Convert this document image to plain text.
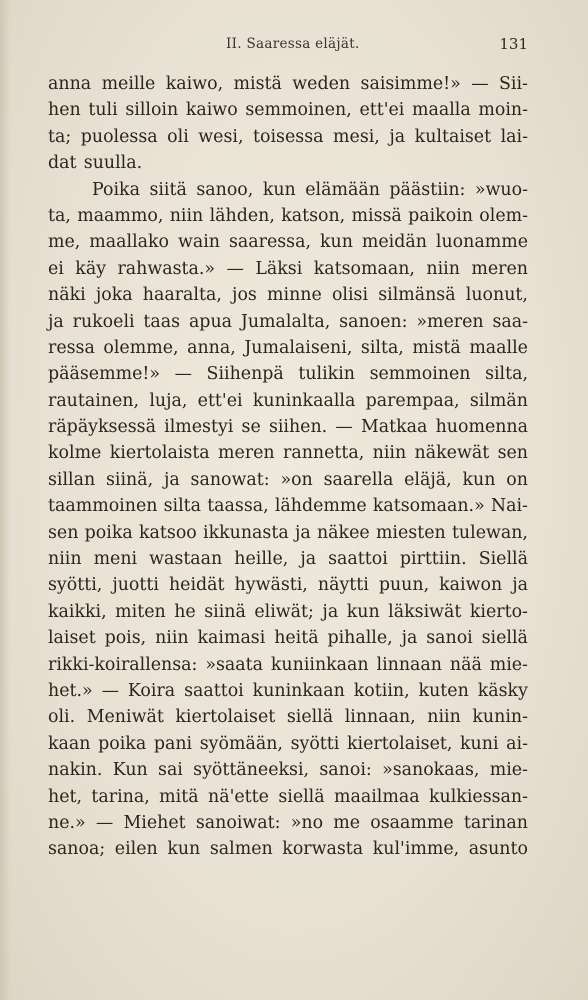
II. Saaressa eläjät.	131
anna meille kaiwo, mistä weden saisimme!» — Sii-
hen tuli silloin kaiwo semmoinen, ett'ei maalla moin-
ta; puolessa oli wesi, toisessa mesi, ja kultaiset lai-
dat suulla.
Poika siitä sanoo, kun elämään päästiin: »wuo-
ta, maammo, niin lähden, katson, missä paikoin olem-
me, maallako wain saaressa, kun meidän luonamme
ei käy rahwasta.» — Läksi katsomaan, niin meren
näki joka haaralta, jos minne olisi silmänsä luonut,
ja rukoeli taas apua Jumalalta, sanoen: »meren saa-
ressa olemme, anna, Jumalaiseni, silta, mistä maalle
pääsemme!» — Siihenpä tulikin semmoinen silta,
rautainen, luja, ett'ei kuninkaalla parempaa, silmän
räpäyksessä ilmestyi se siihen. — Matkaa huomenna
kolme kiertolaista meren rannetta, niin näkewät sen
sillan siinä, ja sanowat: »on saarella eläjä, kun on
taammoinen silta taassa, lähdemme katsomaan.» Nai-
sen poika katsoo ikkunasta ja näkee miesten tulewan,
niin meni wastaan heille, ja saattoi pirttiin. Siellä
syötti, juotti heidät hywästi, näytti puun, kaiwon ja
kaikki, miten he siinä eliwät; ja kun läksiwät kierto-
laiset pois, niin kaimasi heitä pihalle, ja sanoi siellä
rikki-koirallensa: »saata kuniinkaan linnaan nää mie-
het.» — Koira saattoi kuninkaan kotiin, kuten käsky
oli. Meniwät kiertolaiset siellä linnaan, niin kunin-
kaan poika pani syömään, syötti kiertolaiset, kuni ai-
nakin. Kun sai syöttäneeksi, sanoi: »sanokaas, mie-
het, tarina, mitä nä'ette siellä maailmaa kulkiessan-
ne.» — Miehet sanoiwat: »no me osaamme tarinan
sanoa; eilen kun salmen korwasta kul'imme, asunto
